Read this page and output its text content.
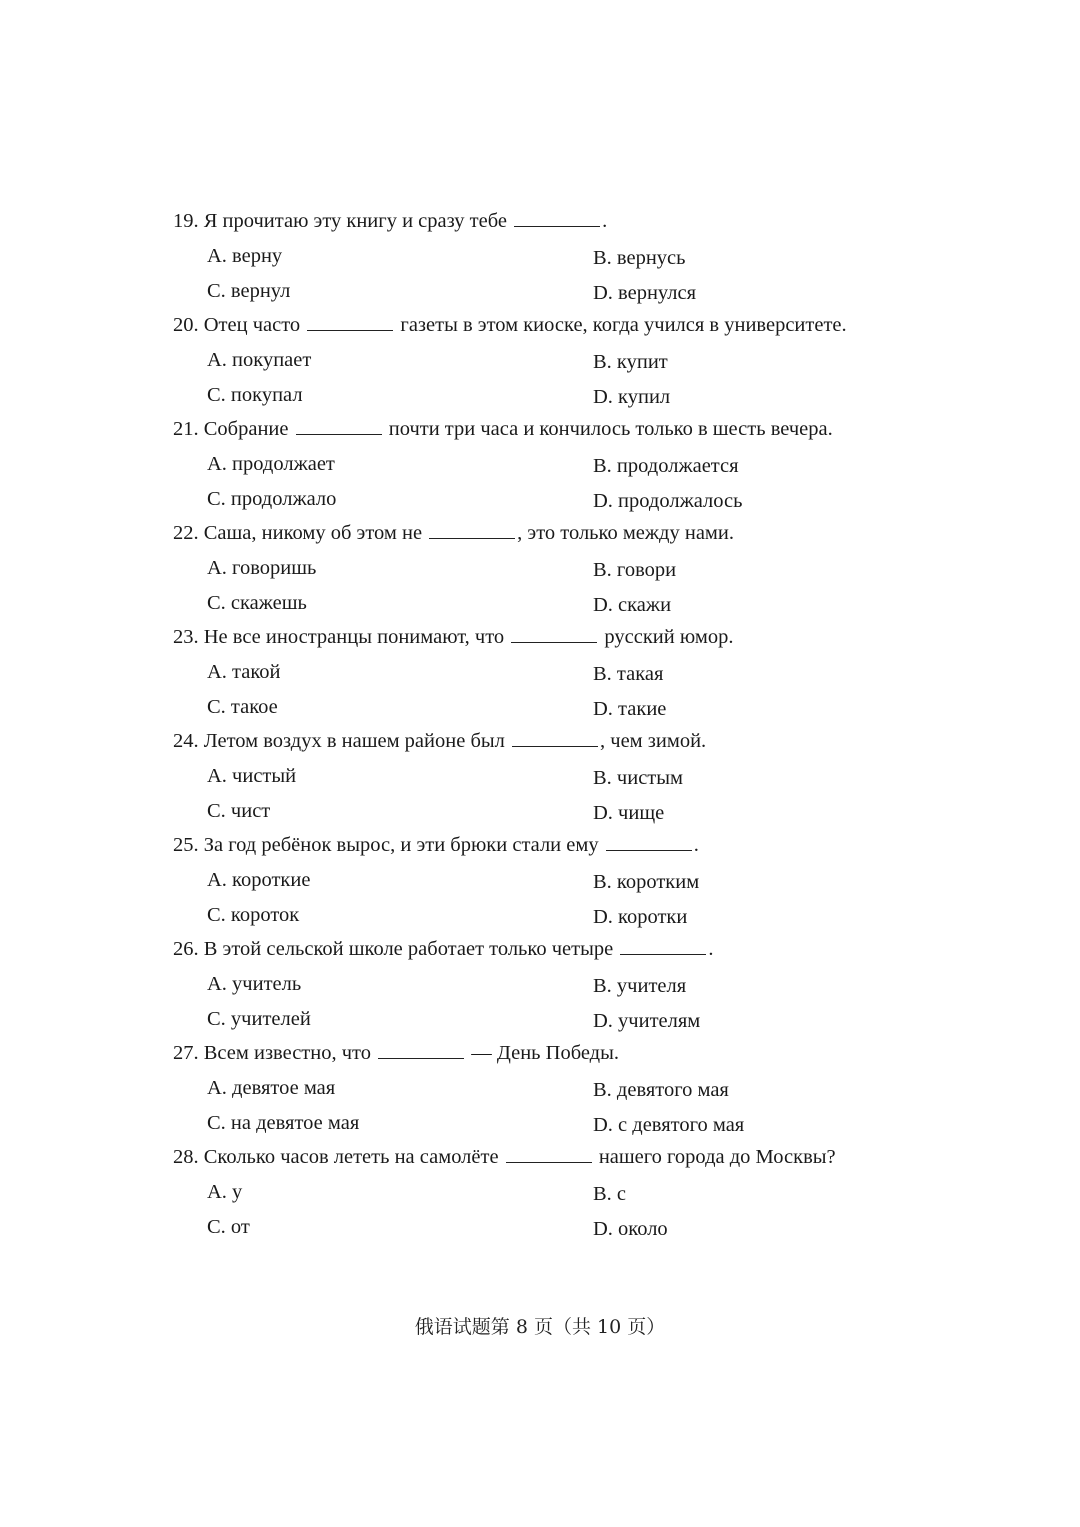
19. Я прочитаю эту книгу и сразу тебе	.
A. верну	B. вернусь
C. вернул	D. вернулся
20. Отец часто	газеты в этом киоске, когда учился в университете.
A. покупает	B. купит
C. покупал	D. купил
21. Собрание	почти три часа и кончилось только в шесть вечера.
A. продолжает	B. продолжается
C. продолжало	D. продолжалось
22. Саша, никому об этом не	, это только между нами.
A. говоришь	B. говори
C. скажешь	D. скажи
23. Не все иностранцы понимают, что	русский юмор.
A. такой	B. такая
C. такое	D. такие
24. Летом воздух в нашем районе был	, чем зимой.
A. чистый	B. чистым
C. чист	D. чище
25. За год ребёнок вырос, и эти брюки стали ему	.
A. короткие	B. коротким
C. короток	D. коротки
26. В этой сельской школе работает только четыре	.
A. учитель	B. учителя
C. учителей	D. учителям
27. Всем известно, что	— День Победы.
A. девятое мая	B. девятого мая
C. на девятое мая	D. с девятого мая
28. Сколько часов лететь на самолёте	нашего города до Москвы?
A. у	B. с
C. от	D. около
俄语试题第 8 页（共 10 页）
